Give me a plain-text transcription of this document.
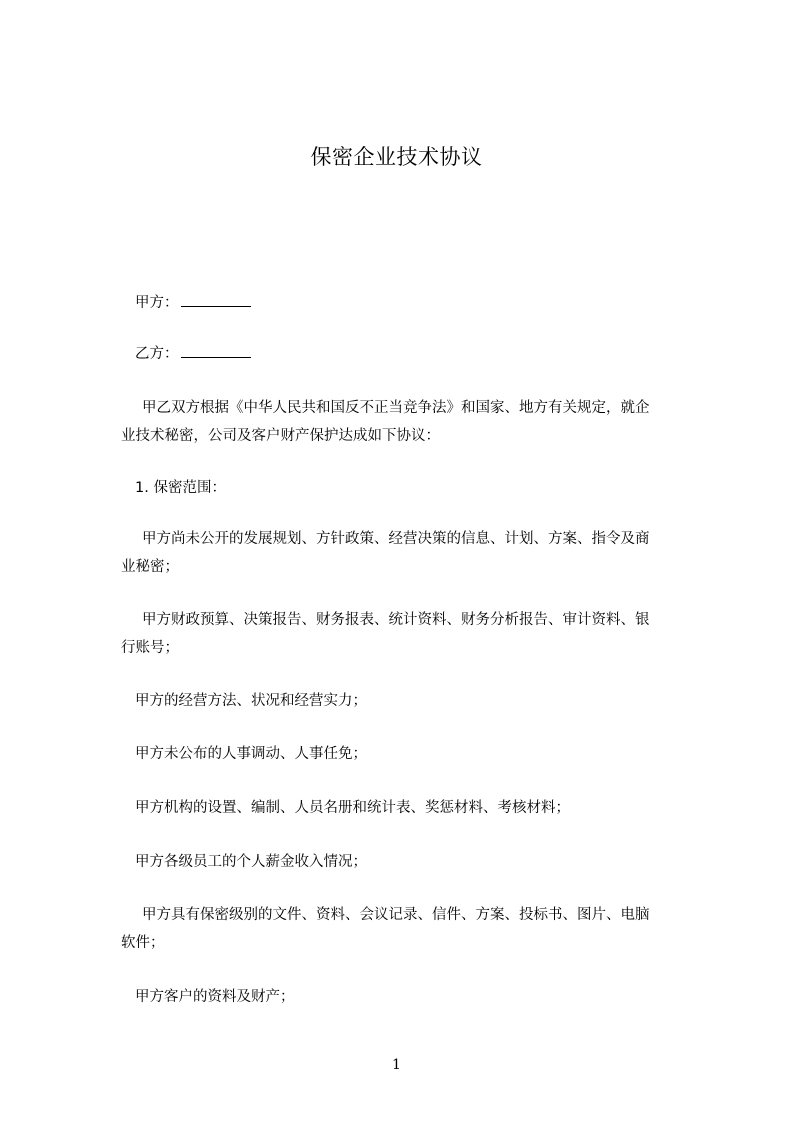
保密企业技术协议
甲方：
乙方：
甲乙双方根据《中华人民共和国反不正当竞争法》和国家、地方有关规定，就企
业技术秘密，公司及客户财产保护达成如下协议：
1. 保密范围：
甲方尚未公开的发展规划、方针政策、经营决策的信息、计划、方案、指令及商
业秘密；
甲方财政预算、决策报告、财务报表、统计资料、财务分析报告、审计资料、银
行账号；
甲方的经营方法、状况和经营实力；
甲方未公布的人事调动、人事任免；
甲方机构的设置、编制、人员名册和统计表、奖惩材料、考核材料；
甲方各级员工的个人薪金收入情况；
甲方具有保密级别的文件、资料、会议记录、信件、方案、投标书、图片、电脑
软件；
甲方客户的资料及财产；
1
